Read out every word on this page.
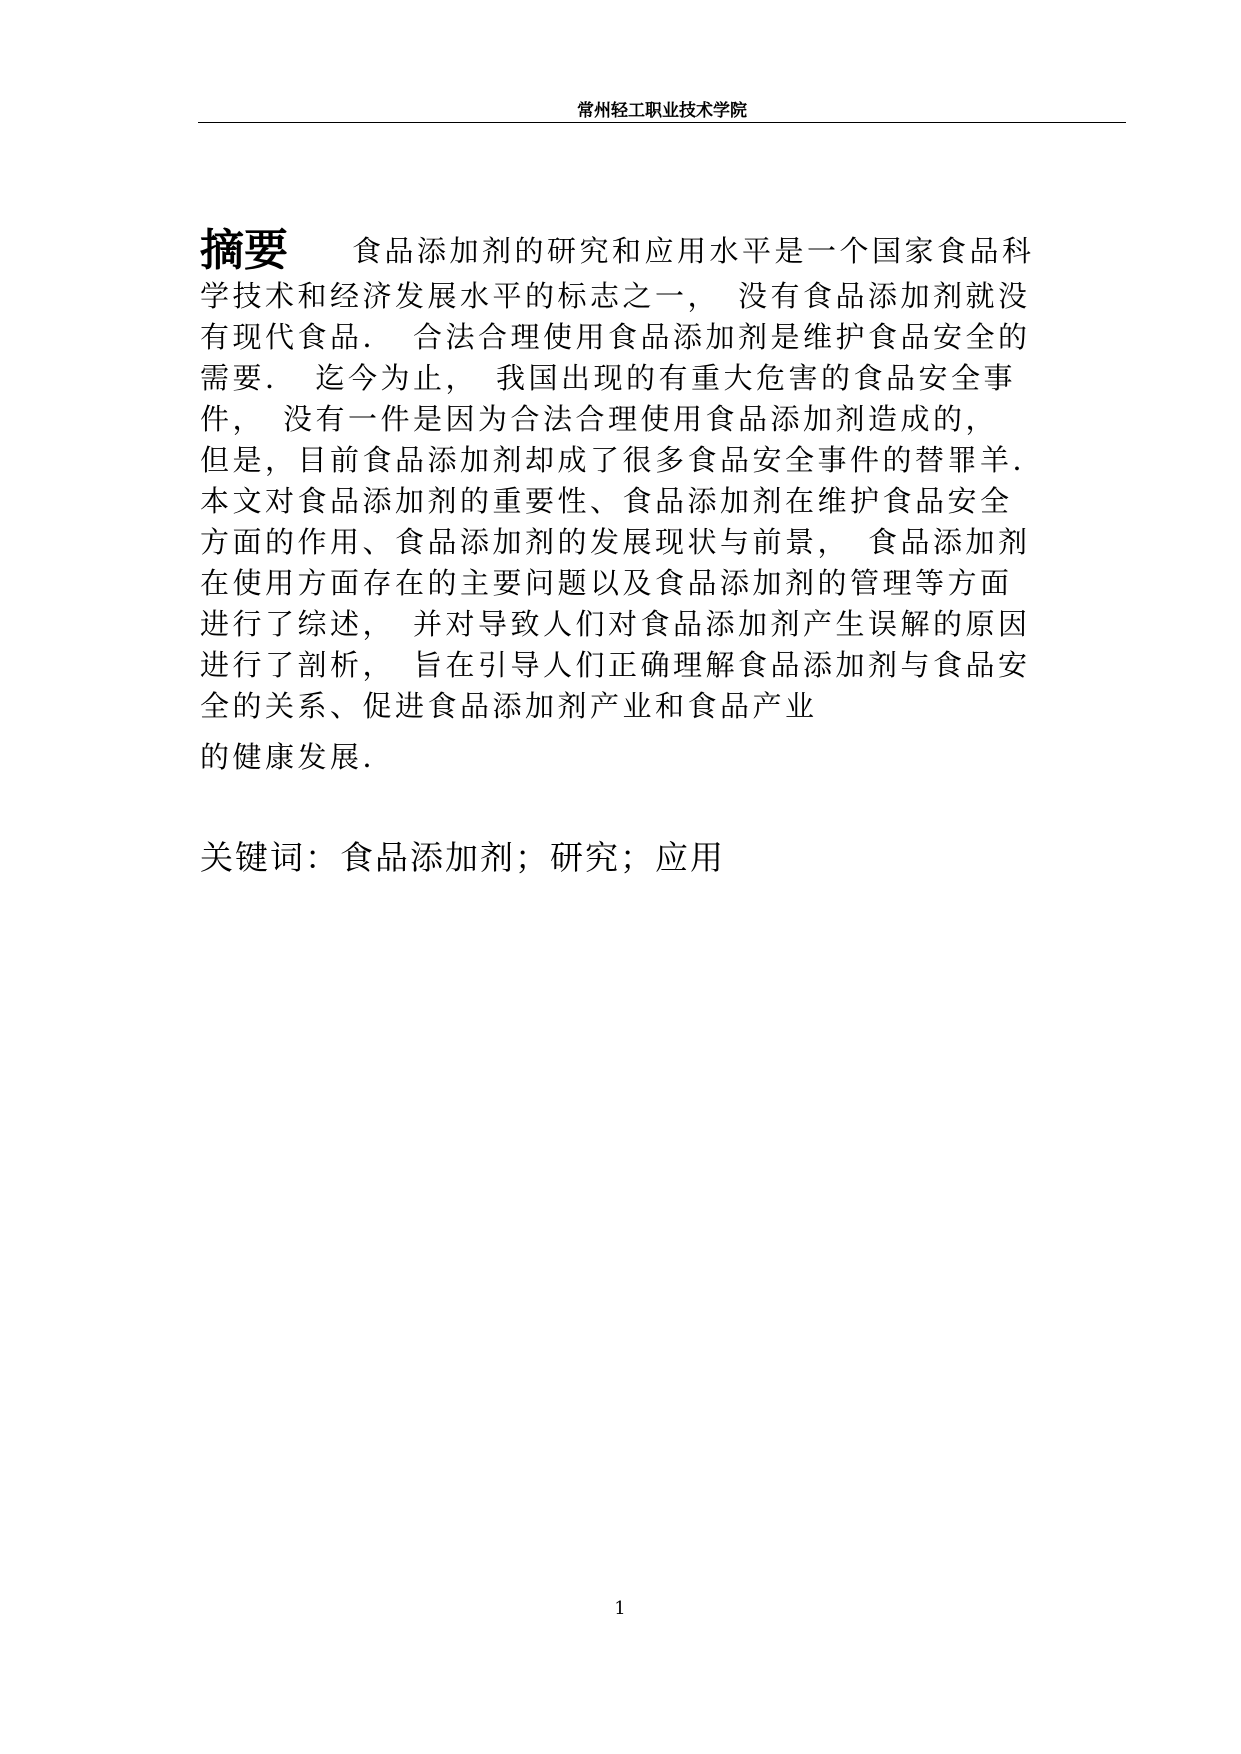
常州轻工职业技术学院
摘要 食品添加剂的研究和应用水平是一个国家食品科
学技术和经济发展水平的标志之一，　没有食品添加剂就没
有现代食品．　合法合理使用食品添加剂是维护食品安全的
需要．　迄今为止，　我国出现的有重大危害的食品安全事
件，　没有一件是因为合法合理使用食品添加剂造成的，
但是，目前食品添加剂却成了很多食品安全事件的替罪羊．
本文对食品添加剂的重要性、食品添加剂在维护食品安全
方面的作用、食品添加剂的发展现状与前景，　食品添加剂
在使用方面存在的主要问题以及食品添加剂的管理等方面
进行了综述，　并对导致人们对食品添加剂产生误解的原因
进行了剖析，　旨在引导人们正确理解食品添加剂与食品安
全的关系、促进食品添加剂产业和食品产业
的健康发展．
关键词：食品添加剂；研究；应用
1
